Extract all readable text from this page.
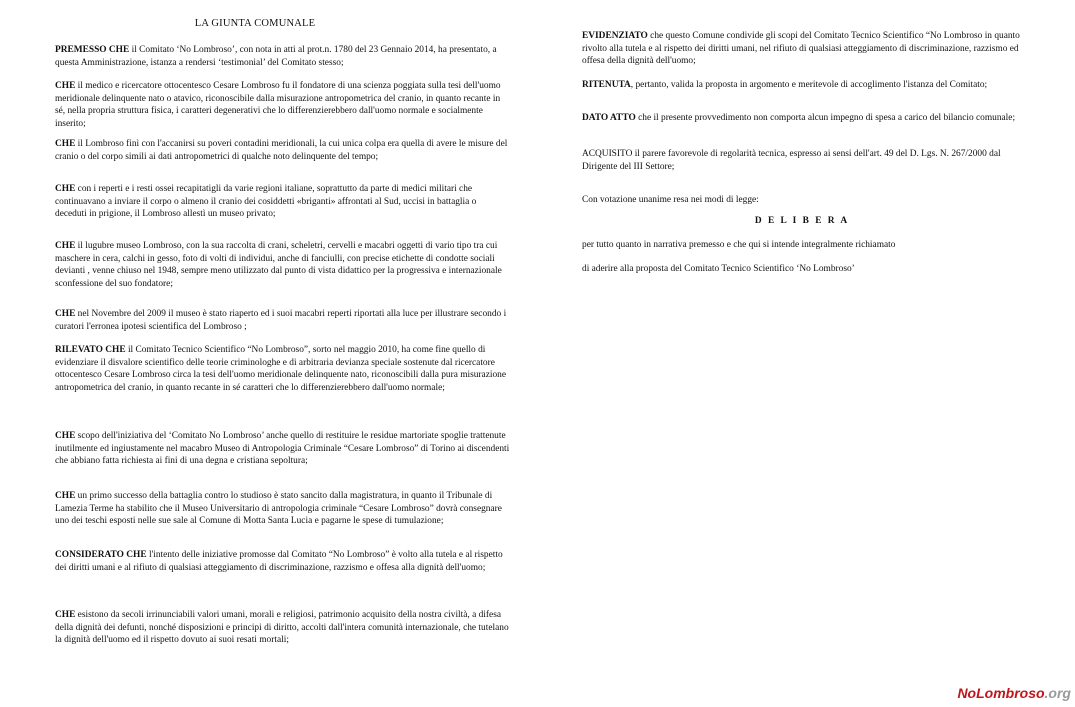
LA GIUNTA COMUNALE

PREMESSO CHE il Comitato ‘No Lombroso’, con nota in atti al prot.n. 1780 del 23 Gennaio 2014, ha presentato, a questa Amministrazione, istanza a rendersi ‘testimonial’ del Comitato stesso;

CHE il medico e ricercatore ottocentesco Cesare Lombroso fu il fondatore di una scienza poggiata sulla tesi dell'uomo meridionale delinquente nato o atavico, riconoscibile dalla misurazione antropometrica del cranio, in quanto recante in sé, nella propria struttura fisica, i caratteri degenerativi che lo differenzierebbero dall'uomo normale e socialmente inserito;

CHE il Lombroso finì con l'accanirsi su poveri contadini meridionali, la cui unica colpa era quella di avere le misure del cranio o del corpo simili ai dati antropometrici di qualche noto delinquente del tempo;

CHE con i reperti e i resti ossei recapitatigli da varie regioni italiane, soprattutto da parte di medici militari che continuavano a inviare il corpo o almeno il cranio dei cosiddetti «briganti» affrontati al Sud, uccisi in battaglia o deceduti in prigione, il Lombroso allestì un museo privato;

CHE il lugubre museo Lombroso, con la sua raccolta di crani, scheletri, cervelli e macabri oggetti di vario tipo tra cui maschere in cera, calchi in gesso, foto di volti di individui, anche di fanciulli, con precise etichette di condotte sociali devianti , venne chiuso nel 1948, sempre meno utilizzato dal punto di vista didattico per la progressiva e internazionale sconfessione del suo fondatore;

CHE nel Novembre del 2009 il museo è stato riaperto ed i suoi macabri reperti riportati alla luce per illustrare secondo i curatori l'erronea ipotesi scientifica del Lombroso ;

RILEVATO CHE il Comitato Tecnico Scientifico “No Lombroso”, sorto nel maggio 2010, ha come fine quello di evidenziare il disvalore scientifico delle teorie criminologhe e di arbitraria devianza speciale sostenute dal ricercatore ottocentesco Cesare Lombroso circa la tesi dell'uomo meridionale delinquente nato, riconoscibili dalla pura misurazione antropometrica del cranio, in quanto recante in sé caratteri che lo differenzierebbero dall'uomo normale;

CHE scopo dell'iniziativa del ‘Comitato No Lombroso’ anche quello di restituire le residue martoriate spoglie trattenute inutilmente ed ingiustamente nel macabro Museo di Antropologia Criminale “Cesare Lombroso” di Torino ai discendenti che abbiano fatta richiesta ai fini di una degna e cristiana sepoltura;

CHE un primo successo della battaglia contro lo studioso è stato sancito dalla magistratura, in quanto il Tribunale di Lamezia Terme ha stabilito che il Museo Universitario di antropologia criminale “Cesare Lombroso” dovrà consegnare uno dei teschi esposti nelle sue sale al Comune di Motta Santa Lucia e pagarne le spese di tumulazione;

CONSIDERATO CHE l'intento delle iniziative promosse dal Comitato “No Lombroso” è volto alla tutela e al rispetto dei diritti umani e al rifiuto di qualsiasi atteggiamento di discriminazione, razzismo e offesa alla dignità dell'uomo;

CHE esistono da secoli irrinunciabili valori umani, morali e religiosi, patrimonio acquisito della nostra civiltà, a difesa della dignità dei defunti, nonché disposizioni e principi di diritto, accolti dall'intera comunità internazionale, che tutelano la dignità dell'uomo ed il rispetto dovuto ai suoi resati mortali;

EVIDENZIATO che questo Comune condivide gli scopi del Comitato Tecnico Scientifico “No Lombroso in quanto rivolto alla tutela e al rispetto dei diritti umani, nel rifiuto di qualsiasi atteggiamento di discriminazione, razzismo ed offesa della dignità dell'uomo;

RITENUTA, pertanto, valida la proposta in argomento e meritevole di accoglimento l'istanza del Comitato;

DATO ATTO che il presente provvedimento non comporta alcun impegno di spesa a carico del bilancio comunale;

ACQUISITO il parere favorevole di regolarità tecnica, espresso ai sensi dell'art. 49 del D. Lgs. N. 267/2000 dal Dirigente del III Settore;

Con votazione unanime resa nei modi di legge:

D E L I B E R A

per tutto quanto in narrativa premesso e che qui si intende integralmente richiamato

di aderire alla proposta del Comitato Tecnico Scientifico ‘No Lombroso’

NoLombroso.org
